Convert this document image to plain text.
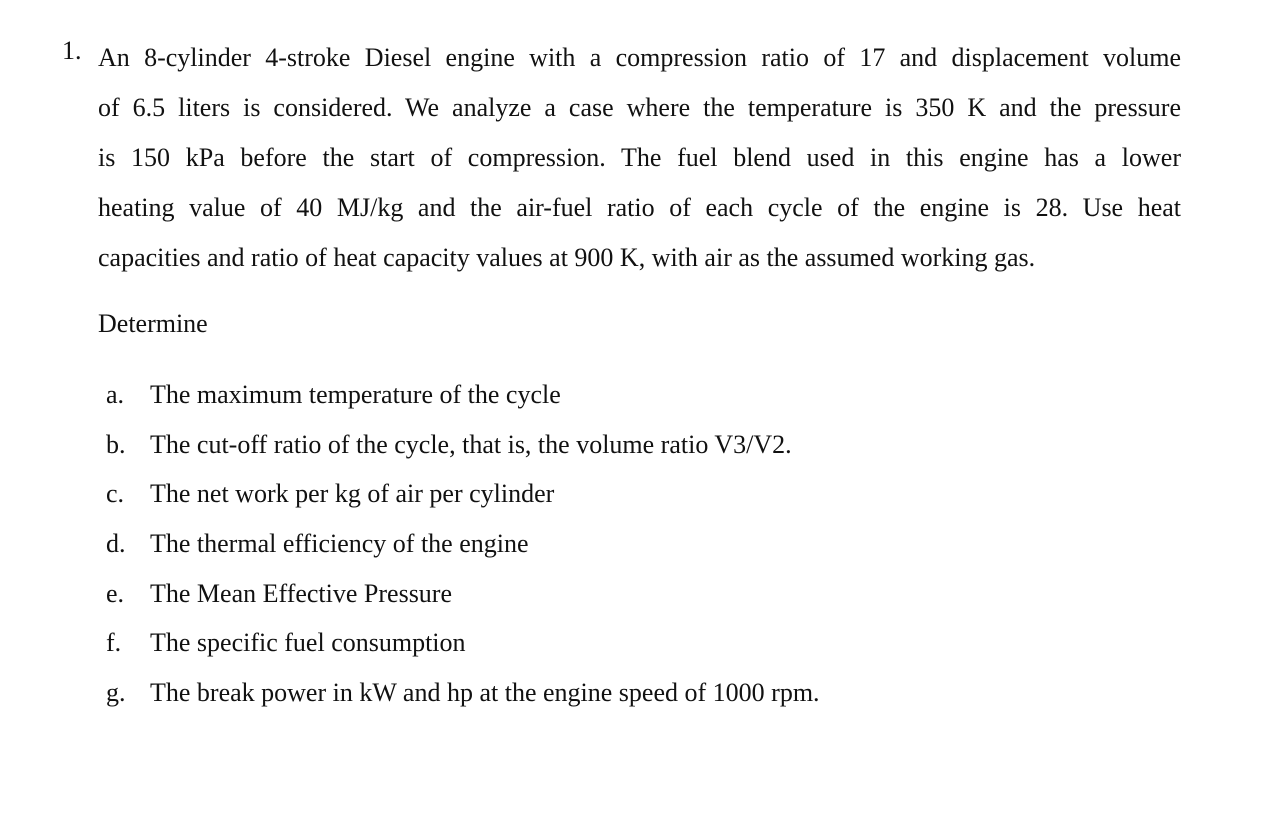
1. An 8-cylinder 4-stroke Diesel engine with a compression ratio of 17 and displacement volume
of 6.5 liters is considered. We analyze a case where the temperature is 350 K and the pressure
is 150 kPa before the start of compression. The fuel blend used in this engine has a lower
heating value of 40 MJ/kg and the air-fuel ratio of each cycle of the engine is 28. Use heat
capacities and ratio of heat capacity values at 900 K, with air as the assumed working gas.
Determine
a. The maximum temperature of the cycle
b. The cut-off ratio of the cycle, that is, the volume ratio V3/V2.
c. The net work per kg of air per cylinder
d. The thermal efficiency of the engine
e. The Mean Effective Pressure
f.	The specific fuel consumption
g. The break power in kW and hp at the engine speed of 1000 rpm.
